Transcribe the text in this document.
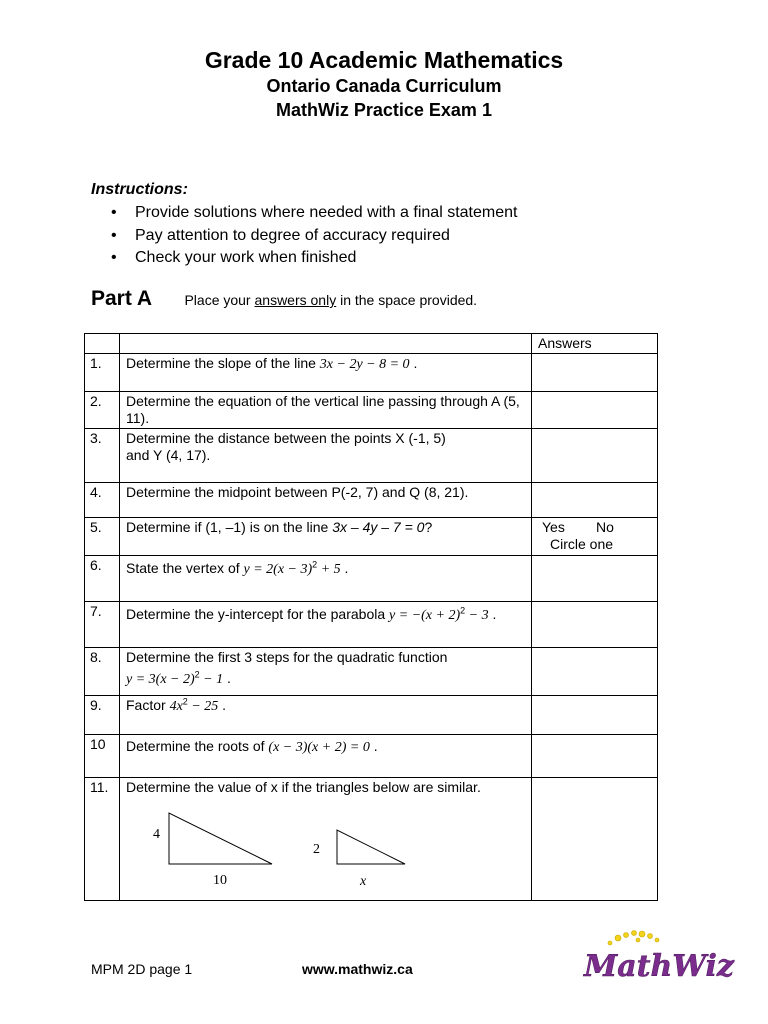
Grade 10 Academic Mathematics
Ontario Canada Curriculum
MathWiz Practice Exam 1
Instructions:
• Provide solutions where needed with a final statement
• Pay attention to degree of accuracy required
• Check your work when finished
Part A Place your answers only in the space provided.
		Answers
1.	Determine the slope of the line 3x − 2y − 8 = 0 .	
2.	Determine the equation of the vertical line passing through A (5, 11).	
3.	Determine the distance between the points X (-1, 5)
and Y (4, 17).	

4.	Determine the midpoint between P(-2, 7) and Q (8, 21).	
5.	Determine if (1, –1) is on the line 3x – 4y – 7 = 0?	Yes No
Circle one

6.	State the vertex of $y = 2(x - 3)^2 + 5$ .	
7.	Determine the y-intercept for the parabola $y = -(x + 2)^2 - 3$ .	
8.	Determine the first 3 steps for the quadratic function
$y = 3(x - 2)^2 - 1$ .	

9.	Factor $4x^2 - 25$ .	
10	Determine the roots of (x − 3)(x + 2) = 0 .	
11.	Determine the value of x if the triangles below are similar.
4
10
2
x	

MPM 2D page 1	www.mathwiz.ca	MathWiz
